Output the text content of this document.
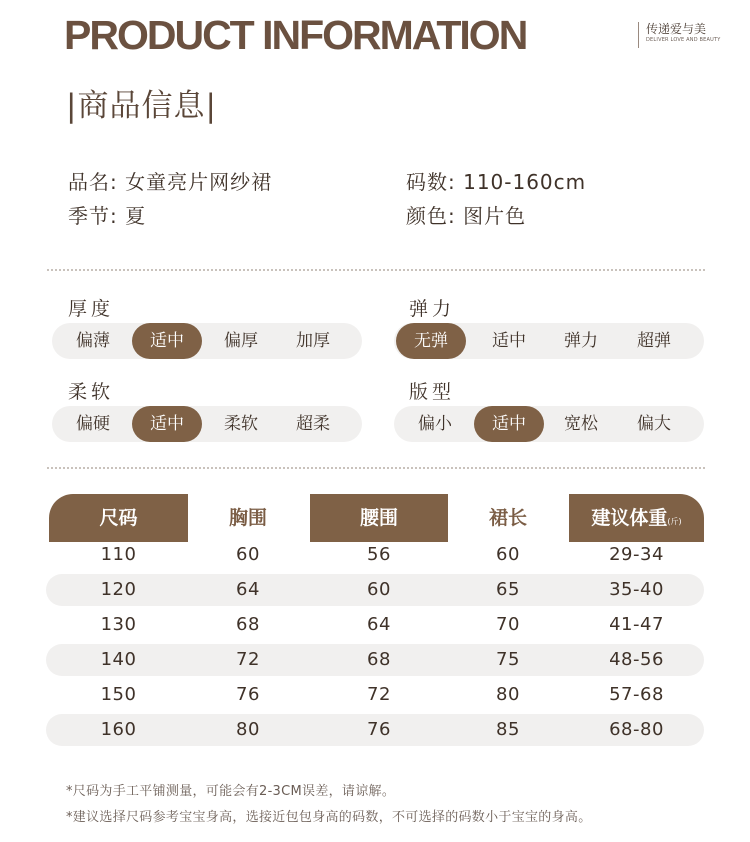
PRODUCT INFORMATION	传递爱与美
DELIVER LOVE AND BEAUTY
|商品信息|
品名: 女童亮片网纱裙
季节: 夏
码数: 110-160cm
颜色: 图片色
厚度
偏薄	适中	偏厚	加厚
弹力
无弹	适中	弹力	超弹
柔软
偏硬	适中	柔软	超柔
版型
偏小	适中	宽松	偏大
尺码	胸围	腰围	裙长	建议体重(斤)
110	60	56	60	29-34
120	64	60	65	35-40
130	68	64	70	41-47
140	72	68	75	48-56
150	76	72	80	57-68
160	80	76	85	68-80
*尺码为手工平铺测量，可能会有2-3CM误差，请谅解。
*建议选择尺码参考宝宝身高，选接近包包身高的码数，不可选择的码数小于宝宝的身高。
